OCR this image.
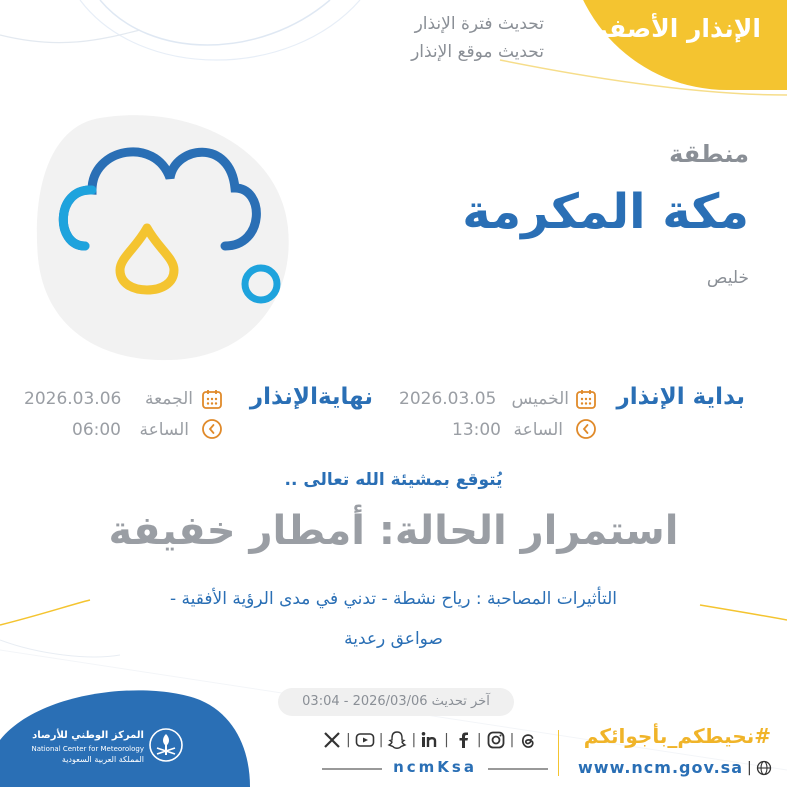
الإنذار الأصفر
تحديث فترة الإنذار
تحديث موقع الإنذار
منطقة
مكة المكرمة
خليص
بداية الإنذار
الخميس
2026.03.05
الساعة
13:00
نهايةالإنذار
الجمعة
2026.03.06
الساعة
06:00
يُتوقع بمشيئة الله تعالى ..
استمرار الحالة: أمطار خفيفة
التأثيرات المصاحبة : رياح نشطة - تدني في مدى الرؤية الأفقية -
صواعق رعدية
آخر تحديث 2026/03/06 - 03:04
المركز الوطني للأرصاد
National Center for Meteorology
المملكة العربية السعودية
| | | | | |
ncmKsa
#نحيطكم_بأجوائكم
www.ncm.gov.sa |
